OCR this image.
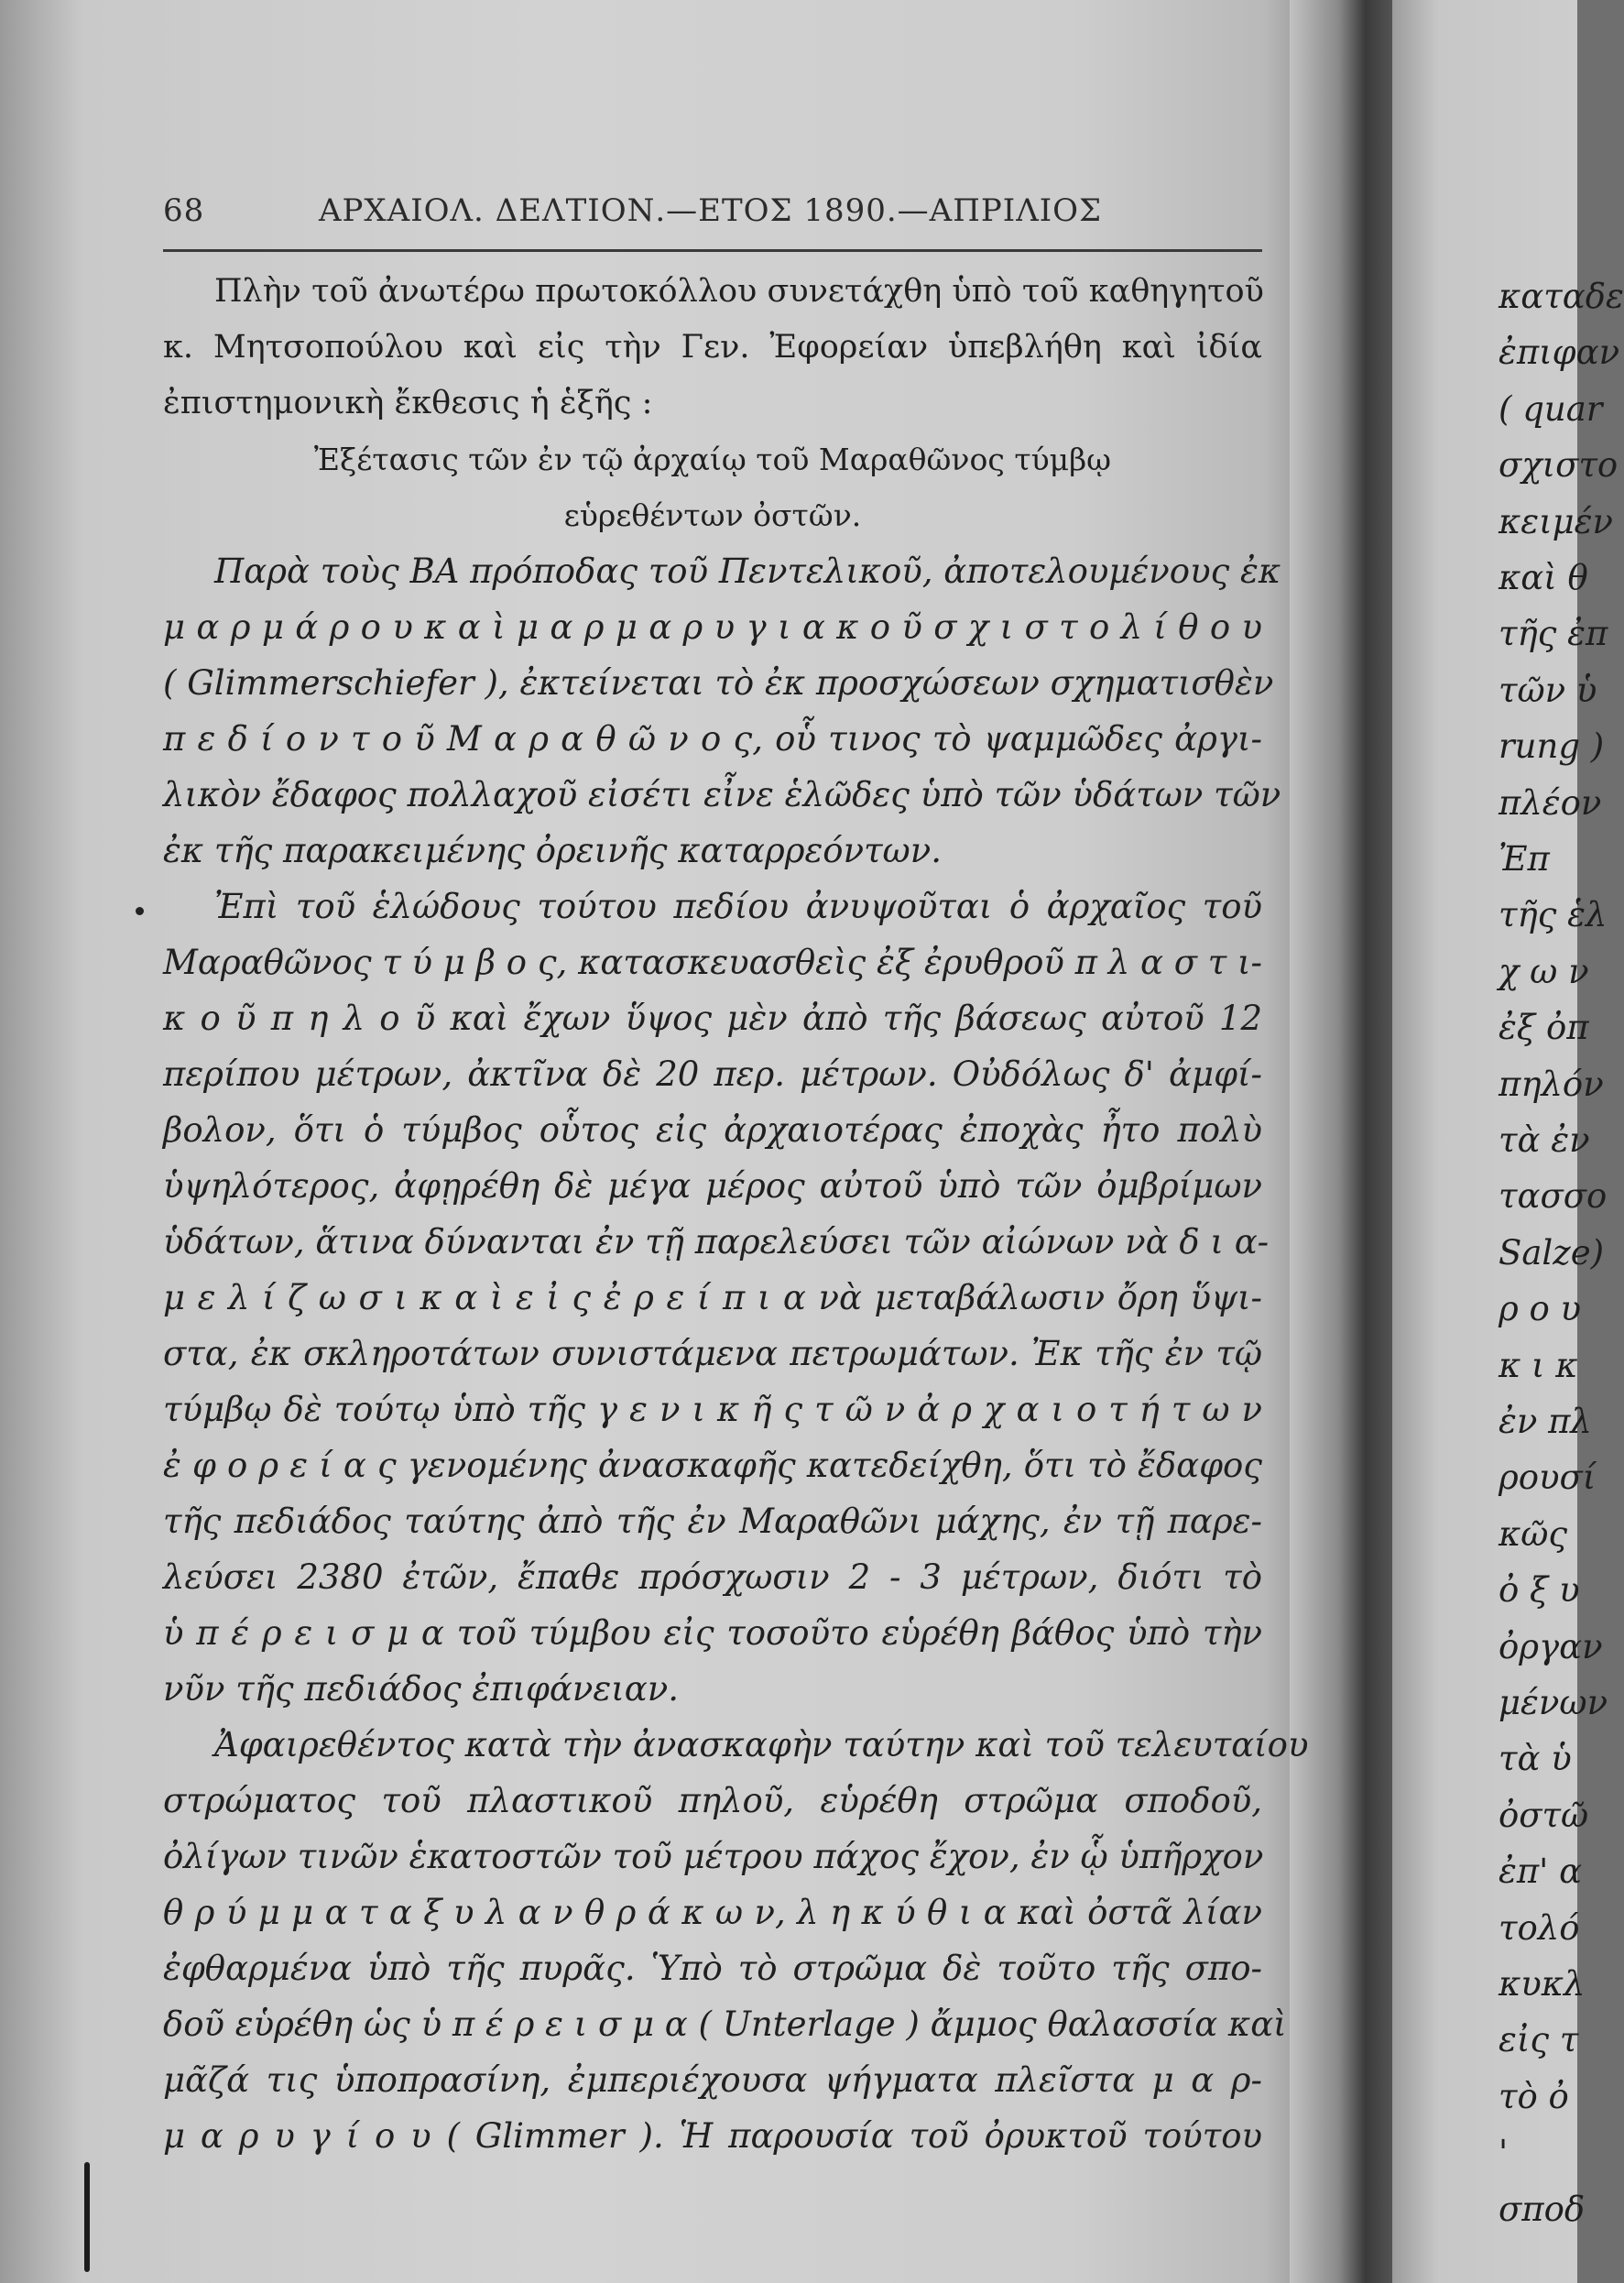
68	ΑΡΧΑΙΟΛ. ΔΕΛΤΙΟΝ.—ΕΤΟΣ 1890.—ΑΠΡΙΛΙΟΣ
Πλὴν τοῦ ἀνωτέρω πρωτοκόλλου συνετάχθη ὑπὸ τοῦ καθηγητοῦ
κ. Μητσοπούλου καὶ εἰς τὴν Γεν. Ἐφορείαν ὑπεβλήθη καὶ ἰδία
ἐπιστημονικὴ ἔκθεσις ἡ ἑξῆς :
Ἐξέτασις τῶν ἐν τῷ ἀρχαίῳ τοῦ Μαραθῶνος τύμβῳ
εὑρεθέντων ὀστῶν.
Παρὰ τοὺς ΒΑ πρόποδας τοῦ Πεντελικοῦ, ἀποτελουμένους ἐκ
μ α ρ μ ά ρ ο υ κ α ὶ μ α ρ μ α ρ υ γ ι α κ ο ῦ σ χ ι σ τ ο λ ί θ ο υ
( Glimmerschiefer ), ἐκτείνεται τὸ ἐκ προσχώσεων σχηματισθὲν
π ε δ ί ο ν τ ο ῦ Μ α ρ α θ ῶ ν ο ς, οὗ τινος τὸ ψαμμῶδες ἀργι-
λικὸν ἔδαφος πολλαχοῦ εἰσέτι εἶνε ἑλῶδες ὑπὸ τῶν ὑδάτων τῶν
ἐκ τῆς παρακειμένης ὀρεινῆς καταρρεόντων.
Ἐπὶ τοῦ ἑλώδους τούτου πεδίου ἀνυψοῦται ὁ ἀρχαῖος τοῦ
Μαραθῶνος τ ύ μ β ο ς, κατασκευασθεὶς ἐξ ἐρυθροῦ π λ α σ τ ι-
κ ο ῦ π η λ ο ῦ καὶ ἔχων ὕψος μὲν ἀπὸ τῆς βάσεως αὐτοῦ 12
περίπου μέτρων, ἀκτῖνα δὲ 20 περ. μέτρων. Οὐδόλως δ' ἀμφί-
βολον, ὅτι ὁ τύμβος οὗτος εἰς ἀρχαιοτέρας ἐποχὰς ἦτο πολὺ
ὑψηλότερος, ἀφῃρέθη δὲ μέγα μέρος αὐτοῦ ὑπὸ τῶν ὀμβρίμων
ὑδάτων, ἅτινα δύνανται ἐν τῇ παρελεύσει τῶν αἰώνων νὰ δ ι α-
μ ε λ ί ζ ω σ ι κ α ὶ ε ἰ ς ἐ ρ ε ί π ι α νὰ μεταβάλωσιν ὄρη ὕψι-
στα, ἐκ σκληροτάτων συνιστάμενα πετρωμάτων. Ἐκ τῆς ἐν τῷ
τύμβῳ δὲ τούτῳ ὑπὸ τῆς γ ε ν ι κ ῆ ς τ ῶ ν ἀ ρ χ α ι ο τ ή τ ω ν
ἐ φ ο ρ ε ί α ς γενομένης ἀνασκαφῆς κατεδείχθη, ὅτι τὸ ἔδαφος
τῆς πεδιάδος ταύτης ἀπὸ τῆς ἐν Μαραθῶνι μάχης, ἐν τῇ παρε-
λεύσει 2380 ἐτῶν, ἔπαθε πρόσχωσιν 2 - 3 μέτρων, διότι τὸ
ὑ π έ ρ ε ι σ μ α τοῦ τύμβου εἰς τοσοῦτο εὑρέθη βάθος ὑπὸ τὴν
νῦν τῆς πεδιάδος ἐπιφάνειαν.
Ἀφαιρεθέντος κατὰ τὴν ἀνασκαφὴν ταύτην καὶ τοῦ τελευταίου
στρώματος τοῦ πλαστικοῦ πηλοῦ, εὑρέθη στρῶμα σποδοῦ,
ὀλίγων τινῶν ἑκατοστῶν τοῦ μέτρου πάχος ἔχον, ἐν ᾧ ὑπῆρχον
θ ρ ύ μ μ α τ α ξ υ λ α ν θ ρ ά κ ω ν, λ η κ ύ θ ι α καὶ ὀστᾶ λίαν
ἐφθαρμένα ὑπὸ τῆς πυρᾶς. Ὑπὸ τὸ στρῶμα δὲ τοῦτο τῆς σπο-
δοῦ εὑρέθη ὡς ὑ π έ ρ ε ι σ μ α ( Unterlage ) ἄμμος θαλασσία καὶ
μᾶζά τις ὑποπρασίνη, ἐμπεριέχουσα ψήγματα πλεῖστα μ α ρ-
μ α ρ υ γ ί ο υ ( Glimmer ). Ἡ παρουσία τοῦ ὀρυκτοῦ τούτου
καταδε
ἐπιφαν
( quar
σχιστο
κειμέν
καὶ θ
τῆς ἐπ
τῶν ὑ
rung )
πλέον
Ἐπ
τῆς ἑλ
χ ω ν
ἐξ ὀπ
πηλόν
τὰ ἐν
τασσο
Salze)
ρ ο υ
κ ι κ
ἐν πλ
ρουσί
κῶς
ὀ ξ υ
ὀργαν
μένων
τὰ ὑ
ὀστῶ
ἐπ' α
τολό
κυκλ
εἰς τ
τὸ ὀ
'
σποδ
